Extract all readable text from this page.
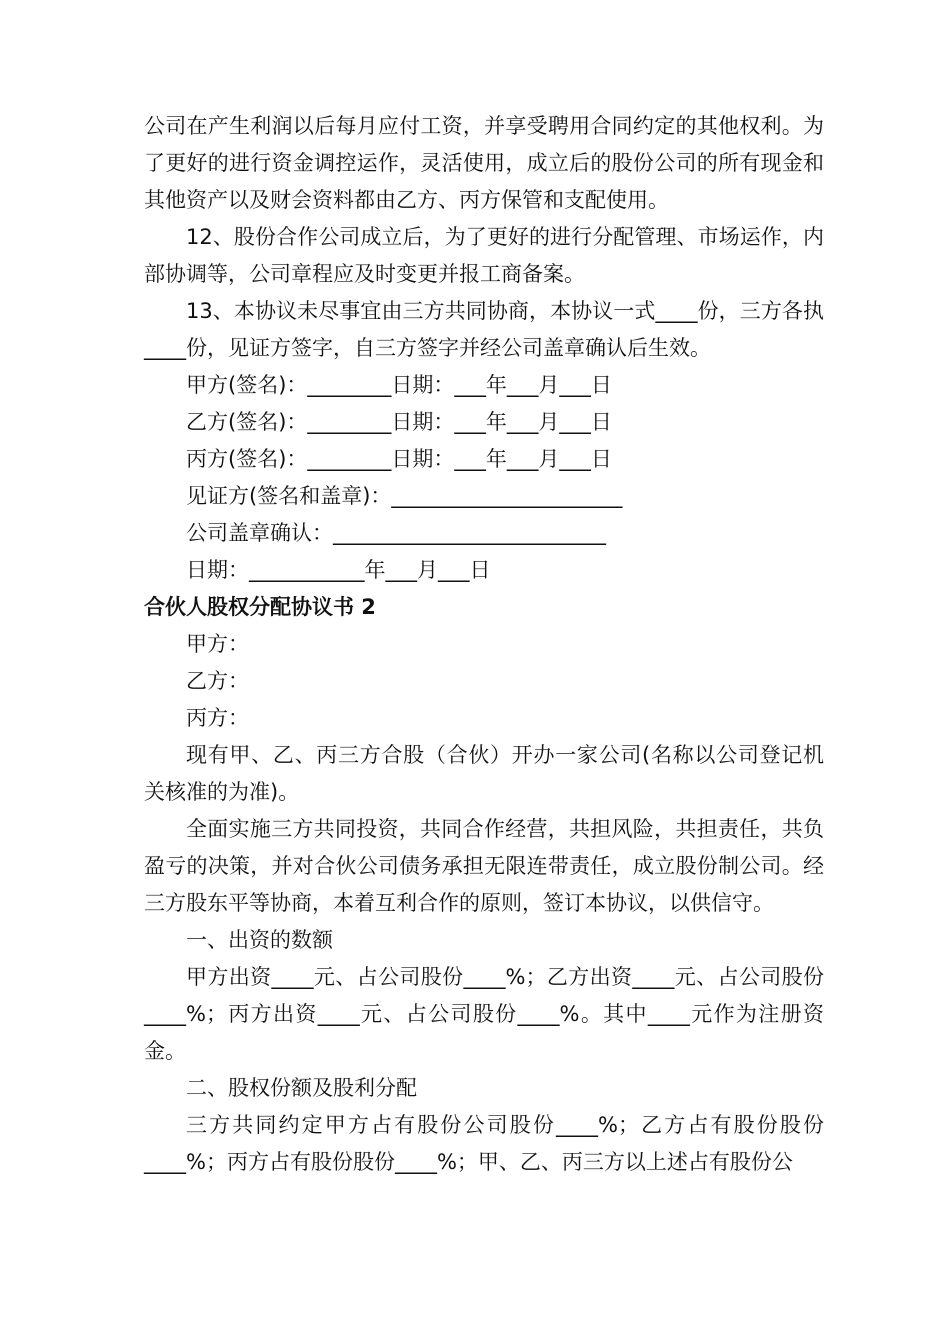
公司在产生利润以后每月应付工资，并享受聘用合同约定的其他权利。为了更好的进行资金调控运作，灵活使用，成立后的股份公司的所有现金和其他资产以及财会资料都由乙方、丙方保管和支配使用。

12、股份合作公司成立后，为了更好的进行分配管理、市场运作，内部协调等，公司章程应及时变更并报工商备案。

13、本协议未尽事宜由三方共同协商，本协议一式____份，三方各执____份，见证方签字，自三方签字并经公司盖章确认后生效。

甲方(签名)：________日期：___年___月___日
乙方(签名)：________日期：___年___月___日
丙方(签名)：________日期：___年___月___日
见证方(签名和盖章)：______________________
公司盖章确认：__________________________
日期：___________年___月___日
合伙人股权分配协议书 2
甲方：
乙方：
丙方：

现有甲、乙、丙三方合股（合伙）开办一家公司(名称以公司登记机关核准的为准)。

全面实施三方共同投资，共同合作经营，共担风险，共担责任，共负盈亏的决策，并对合伙公司债务承担无限连带责任，成立股份制公司。经三方股东平等协商，本着互利合作的原则，签订本协议，以供信守。

一、出资的数额

甲方出资____元、占公司股份____%；乙方出资____元、占公司股份____%；丙方出资____元、占公司股份____%。其中____元作为注册资金。

二、股权份额及股利分配

三方共同约定甲方占有股份公司股份____%；乙方占有股份股份____%；丙方占有股份股份____%；甲、乙、丙三方以上述占有股份公
